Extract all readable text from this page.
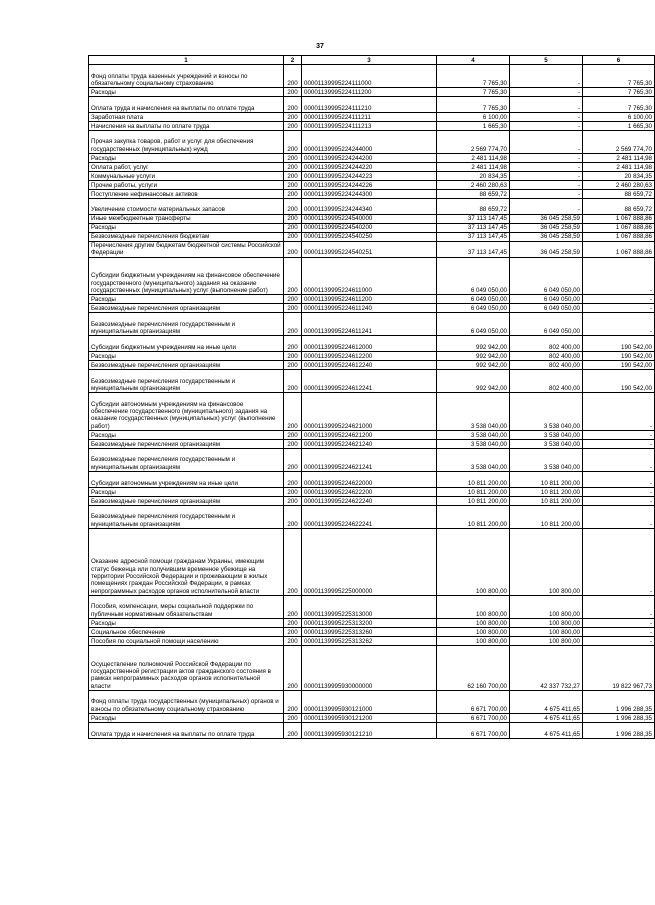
37
1	2	3	4	5	6
Фонд оплаты труда казенных учреждений и взносы по обязательному социальному страхованию	200	00001139995224111000	7 765,30	-	7 765,30
Расходы	200	00001139995224111200	7 765,30	-	7 765,30
Оплата труда и начисления на выплаты по оплате труда	200	00001139995224111210	7 765,30	-	7 765,30
Заработная плата	200	00001139995224111211	6 100,00	-	6 100,00
Начисления на выплаты по оплате труда	200	00001139995224111213	1 665,30	-	1 665,30
Прочая закупка товаров, работ и услуг для обеспечения государственных (муниципальных) нужд	200	00001139995224244000	2 569 774,70	-	2 569 774,70
Расходы	200	00001139995224244200	2 481 114,98	-	2 481 114,98
Оплата работ, услуг	200	00001139995224244220	2 481 114,98	-	2 481 114,98
Коммунальные услуги	200	00001139995224244223	20 834,35	-	20 834,35
Прочие работы, услуги	200	00001139995224244226	2 460 280,63	-	2 460 280,63
Поступление нефинансовых активов	200	00001139995224244300	88 659,72	-	88 659,72
Увеличение стоимости материальных запасов	200	00001139995224244340	88 659,72	-	88 659,72
Иные межбюджетные трансферты	200	00001139995224540000	37 113 147,45	36 045 258,59	1 067 888,86
Расходы	200	00001139995224540200	37 113 147,45	36 045 258,59	1 067 888,86
Безвозмездные перечисления бюджетам	200	00001139995224540250	37 113 147,45	36 045 258,59	1 067 888,86
Перечисления другим бюджетам бюджетной системы Российской Федерации	200	00001139995224540251	37 113 147,45	36 045 258,59	1 067 888,86
Субсидии бюджетным учреждениям на финансовое обеспечение государственного (муниципального) задания на оказание государственных (муниципальных) услуг (выполнение работ)	200	00001139995224611000	6 049 050,00	6 049 050,00	-
Расходы	200	00001139995224611200	6 049 050,00	6 049 050,00	-
Безвозмездные перечисления организациям	200	00001139995224611240	6 049 050,00	6 049 050,00	-
Безвозмездные перечисления государственным и муниципальным организациям	200	00001139995224611241	6 049 050,00	6 049 050,00	-
Субсидии бюджетным учреждениям на иные цели	200	00001139995224612000	992 942,00	802 400,00	190 542,00
Расходы	200	00001139995224612200	992 942,00	802 400,00	190 542,00
Безвозмездные перечисления организациям	200	00001139995224612240	992 942,00	802 400,00	190 542,00
Безвозмездные перечисления государственным и муниципальным организациям	200	00001139995224612241	992 942,00	802 400,00	190 542,00
Субсидии автономным учреждениям на финансовое обеспечение государственного (муниципального) задания на оказание государственных (муниципальных) услуг (выполнение работ)	200	00001139995224621000	3 538 040,00	3 538 040,00	-
Расходы	200	00001139995224621200	3 538 040,00	3 538 040,00	-
Безвозмездные перечисления организациям	200	00001139995224621240	3 538 040,00	3 538 040,00	-
Безвозмездные перечисления государственным и муниципальным организациям	200	00001139995224621241	3 538 040,00	3 538 040,00	-
Субсидии автономным учреждениям на иные цели	200	00001139995224622000	10 811 200,00	10 811 200,00	-
Расходы	200	00001139995224622200	10 811 200,00	10 811 200,00	-
Безвозмездные перечисления организациям	200	00001139995224622240	10 811 200,00	10 811 200,00	-
Безвозмездные перечисления государственным и муниципальным организациям	200	00001139995224622241	10 811 200,00	10 811 200,00	-
Оказание адресной помощи гражданам Украины, имеющим статус беженца или получившим временное убежище на территории Российской Федерации и проживающим в жилых помещениях граждан Российской Федерации, в рамках непрограммных расходов органов исполнительной власти	200	00001139995225000000	100 800,00	100 800,00	-
Пособия, компенсации, меры социальной поддержки по публичным нормативным обязательствам	200	00001139995225313000	100 800,00	100 800,00	-
Расходы	200	00001139995225313200	100 800,00	100 800,00	-
Социальное обеспечение	200	00001139995225313260	100 800,00	100 800,00	-
Пособия по социальной помощи населению	200	00001139995225313262	100 800,00	100 800,00	-
Осуществление полномочий Российской Федерации по государственной регистрации актов гражданского состояния в рамках непрограммных расходов органов исполнительной власти	200	00001139995930000000	62 160 700,00	42 337 732,27	19 822 967,73
Фонд оплаты труда государственных (муниципальных) органов и взносы по обязательному социальному страхованию	200	00001139995930121000	6 671 700,00	4 675 411,65	1 996 288,35
Расходы	200	00001139995930121200	6 671 700,00	4 675 411,65	1 996 288,35
Оплата труда и начисления на выплаты по оплате труда	200	00001139995930121210	6 671 700,00	4 675 411,65	1 996 288,35
